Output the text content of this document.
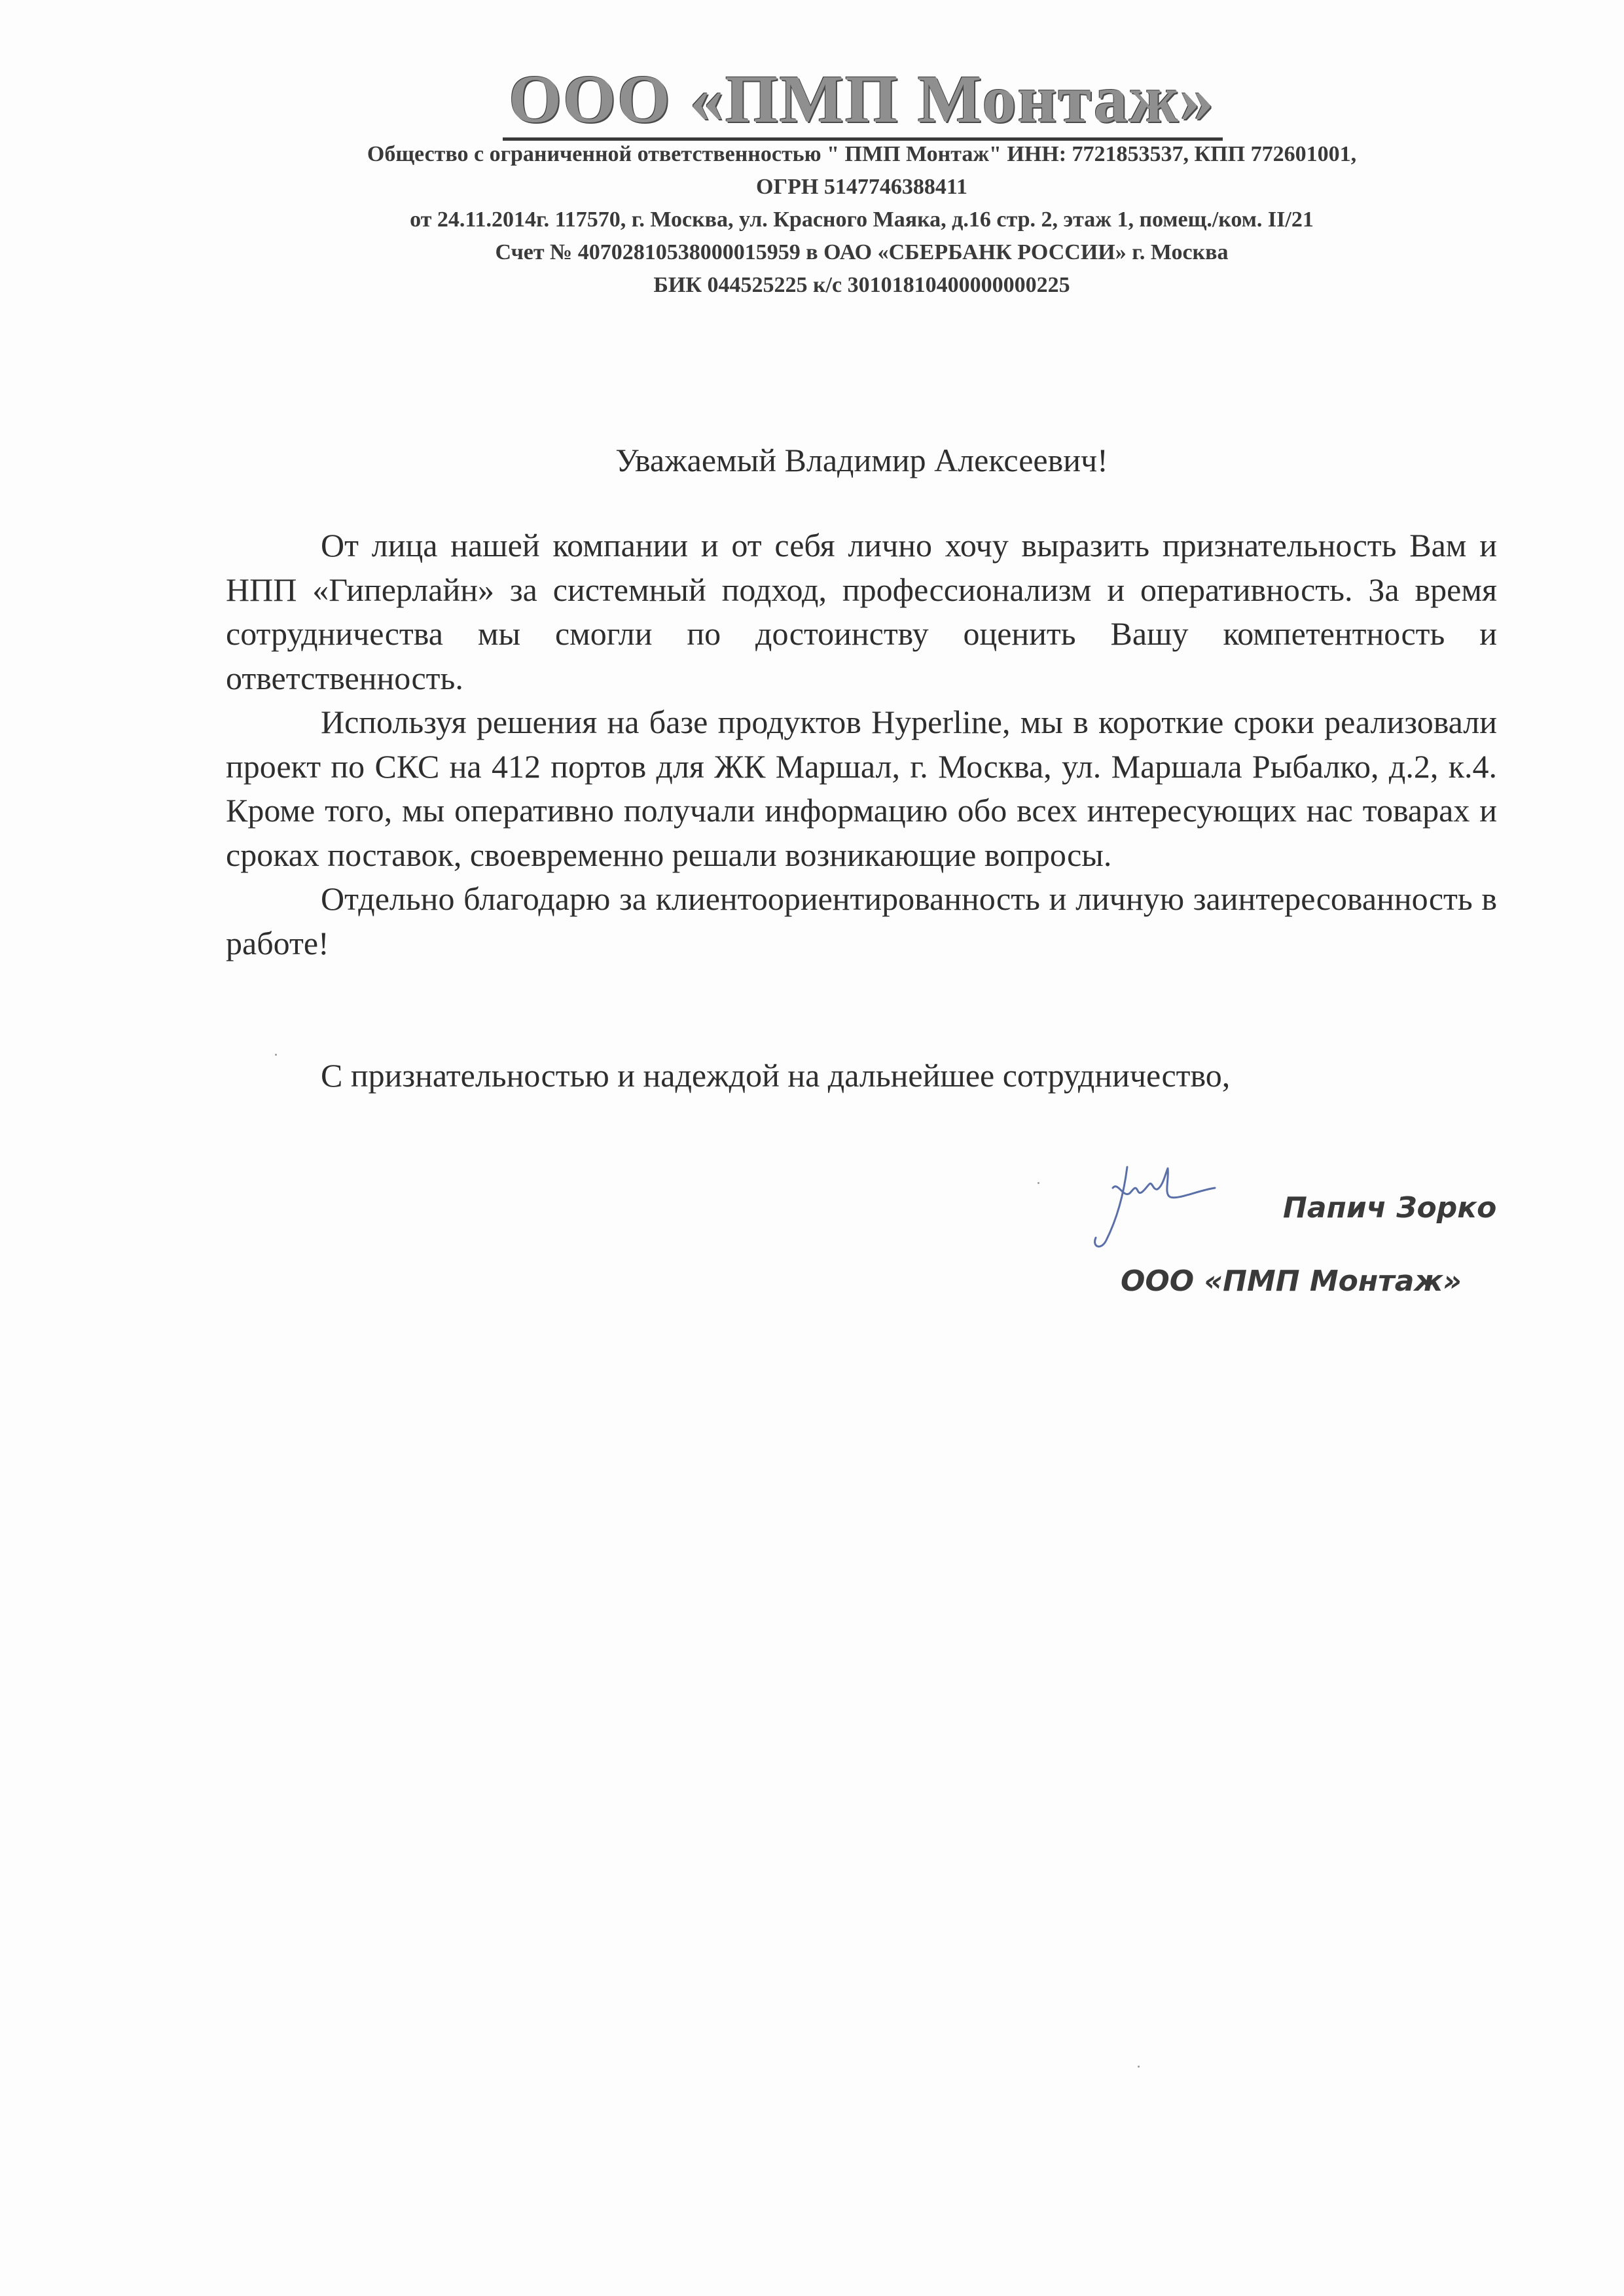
ООО «ПМП Монтаж»
Общество с ограниченной ответственностью " ПМП Монтаж" ИНН: 7721853537, КПП 772601001,
ОГРН 5147746388411
от 24.11.2014г. 117570, г. Москва, ул. Красного Маяка, д.16 стр. 2, этаж 1, помещ./ком. II/21
Счет № 40702810538000015959 в ОАО «СБЕРБАНК РОССИИ» г. Москва
БИК 044525225 к/с 30101810400000000225
Уважаемый Владимир Алексеевич!

От лица нашей компании и от себя лично хочу выразить признательность Вам и НПП «Гиперлайн» за системный подход, профессионализм и оперативность. За время сотрудничества мы смогли по достоинству оценить Вашу компетентность и ответственность.

Используя решения на базе продуктов Hyperline, мы в короткие сроки реализовали проект по СКС на 412 портов для ЖК Маршал, г. Москва, ул. Маршала Рыбалко, д.2, к.4. Кроме того, мы оперативно получали информацию обо всех интересующих нас товарах и сроках поставок, своевременно решали возникающие вопросы.

Отдельно благодарю за клиентоориентированность и личную заинтересованность в работе!

С признательностью и надеждой на дальнейшее сотрудничество,
Папич Зорко
ООО «ПМП Монтаж»
